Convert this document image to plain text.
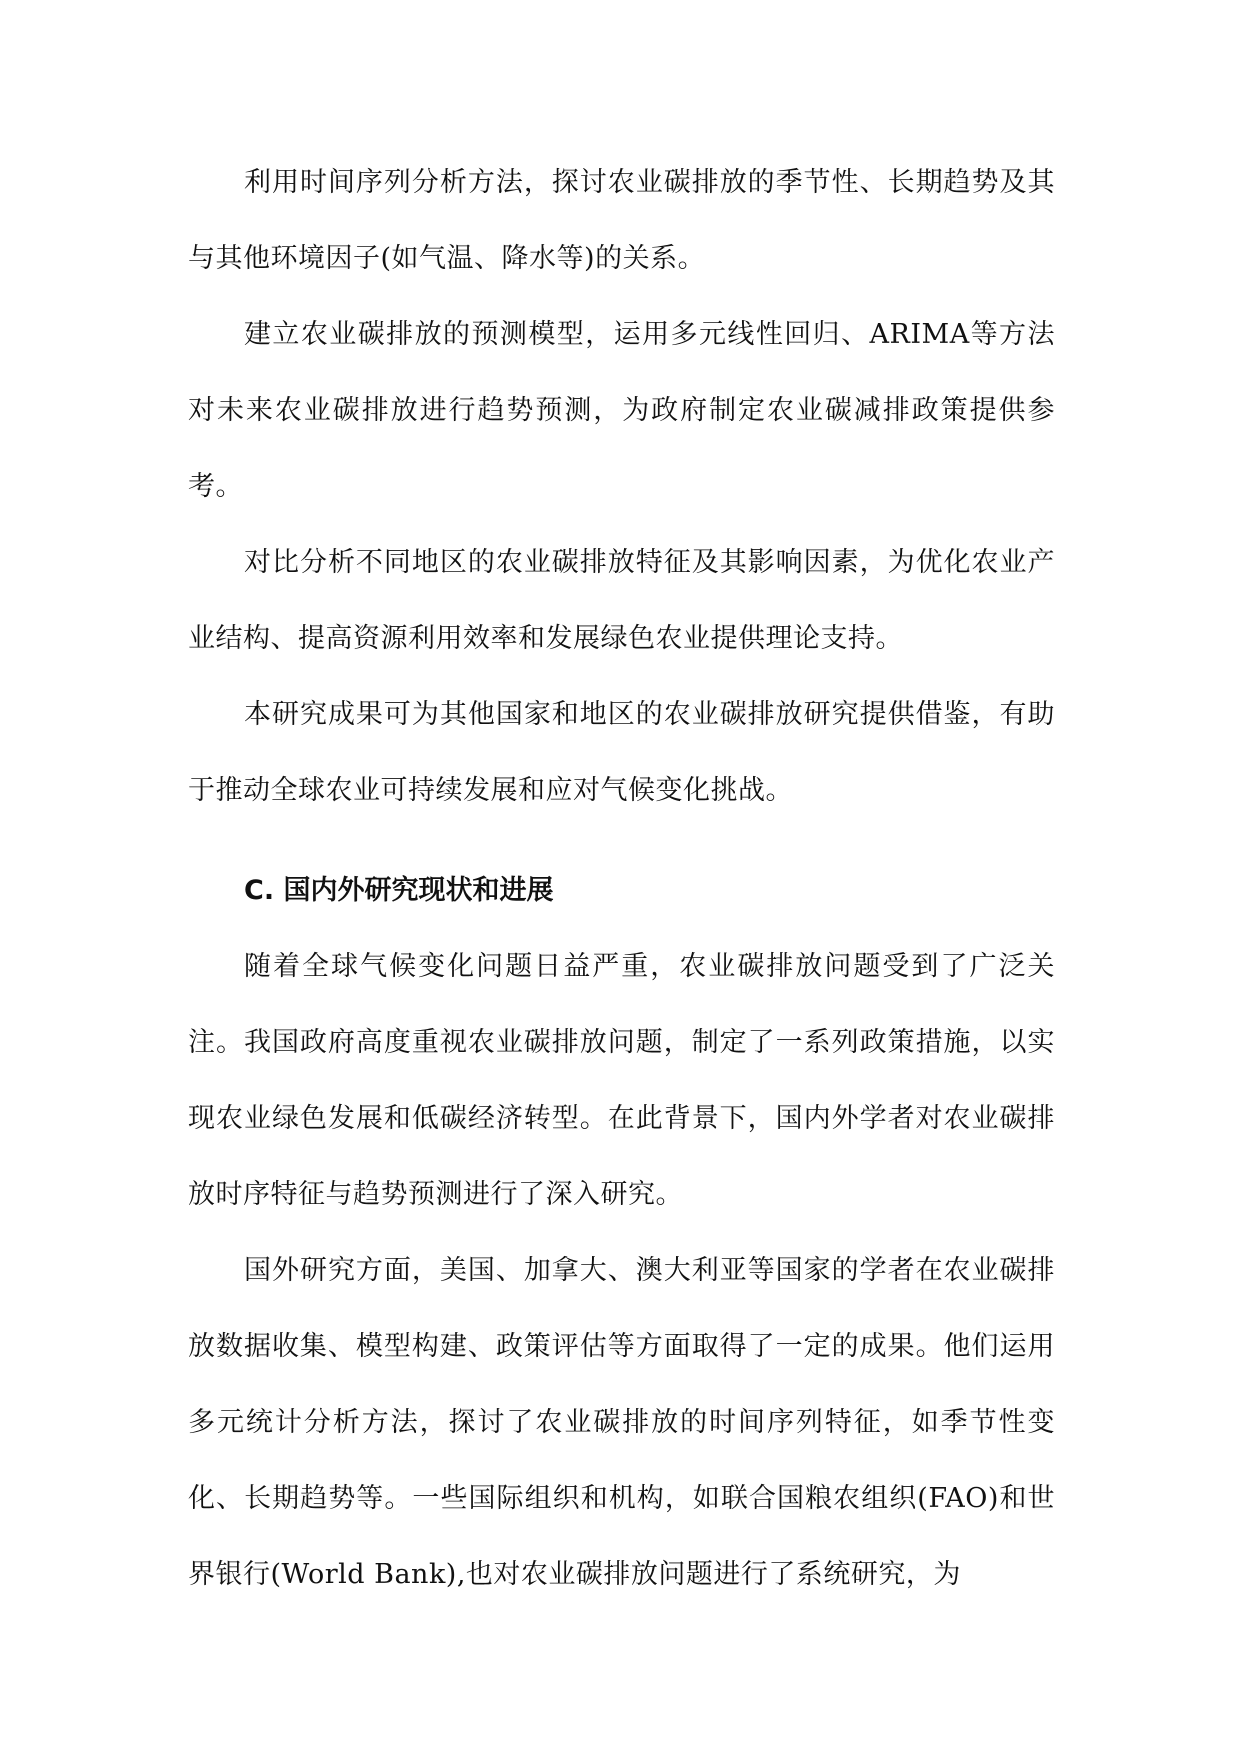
利用时间序列分析方法，探讨农业碳排放的季节性、长期趋势及其与其他环境因子(如气温、降水等)的关系。

建立农业碳排放的预测模型，运用多元线性回归、ARIMA等方法对未来农业碳排放进行趋势预测，为政府制定农业碳减排政策提供参考。

对比分析不同地区的农业碳排放特征及其影响因素，为优化农业产业结构、提高资源利用效率和发展绿色农业提供理论支持。

本研究成果可为其他国家和地区的农业碳排放研究提供借鉴，有助于推动全球农业可持续发展和应对气候变化挑战。

C. 国内外研究现状和进展

随着全球气候变化问题日益严重，农业碳排放问题受到了广泛关注。我国政府高度重视农业碳排放问题，制定了一系列政策措施，以实现农业绿色发展和低碳经济转型。在此背景下，国内外学者对农业碳排放时序特征与趋势预测进行了深入研究。

国外研究方面，美国、加拿大、澳大利亚等国家的学者在农业碳排放数据收集、模型构建、政策评估等方面取得了一定的成果。他们运用多元统计分析方法，探讨了农业碳排放的时间序列特征，如季节性变化、长期趋势等。一些国际组织和机构，如联合国粮农组织(FAO)和世界银行(World Bank),也对农业碳排放问题进行了系统研究，为
